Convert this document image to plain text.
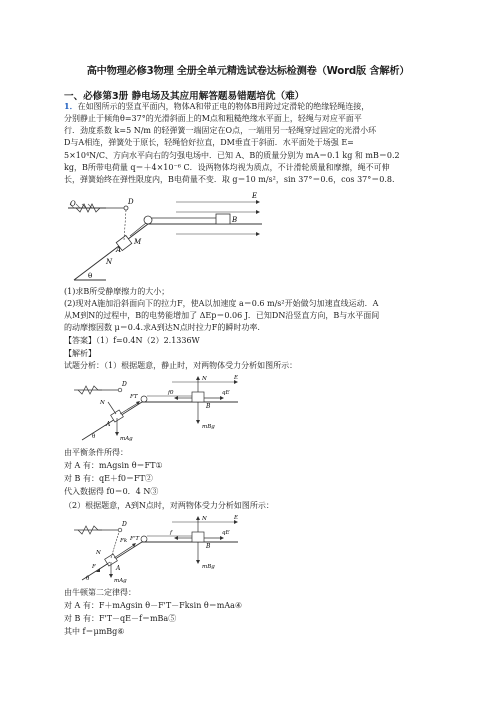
高中物理必修3物理 全册全单元精选试卷达标检测卷（Word版 含解析）
一、必修第3册 静电场及其应用解答题易错题培优（难）
1．在如图所示的竖直平面内，物体A和带正电的物体B用跨过定滑轮的绝缘轻绳连接，
分别静止于倾角θ=37°的光滑斜面上的M点和粗糙绝缘水平面上，轻绳与对应平面平
行．劲度系数 k=5 N/m 的轻弹簧一端固定在O点，一端用另一轻绳穿过固定的光滑小环
D与A相连，弹簧处于原长，轻绳恰好拉直，DM垂直于斜面．水平面处于场强 E=
5×10⁴N/C、方向水平向右的匀强电场中．已知 A、B的质量分别为 mA＝0.1 kg 和 mB＝0.2
kg，B所带电荷量 q＝＋4×10⁻⁶ C．设两物体均视为质点，不计滑轮质量和摩擦，绳不可伸
长，弹簧始终在弹性限度内，B电荷量不变．取 g＝10 m/s²，sin 37°＝0.6，cos 37°＝0.8.
O	D
A
M
N
B
E
θ
(1)求B所受静摩擦力的大小；
(2)现对A施加沿斜面向下的拉力F，使A以加速度 a＝0.6 m/s²开始做匀加速直线运动．A
从M到N的过程中，B的电势能增加了 ΔEp＝0.06 J．已知DN沿竖直方向，B与水平面间
的动摩擦因数 μ＝0.4.求A到达N点时拉力F的瞬时功率.
【答案】（1）f=0.4N（2）2.1336W
【解析】
试题分析：（1）根据题意，静止时，对两物体受力分析如图所示：
D
A
B
FT
N
mAg
qE
f0
mBg
N	E
θ
由平衡条件所得：
对 A 有：mAgsin θ＝FT①
对 B 有：qE＋f0＝FT②
代入数据得 f0＝0．4 N③
（2）根据题意，A到N点时，对两物体受力分析如图所示：
D
A
B
F'T
Fk
F
N
mAg
qE
f
mBg
N	E
θ
由牛顿第二定律得：
对 A 有：F＋mAgsin θ－F'T－Fksin θ＝mAa④
对 B 有：F'T－qE－f＝mBa⑤
其中 f＝μmBg⑥
